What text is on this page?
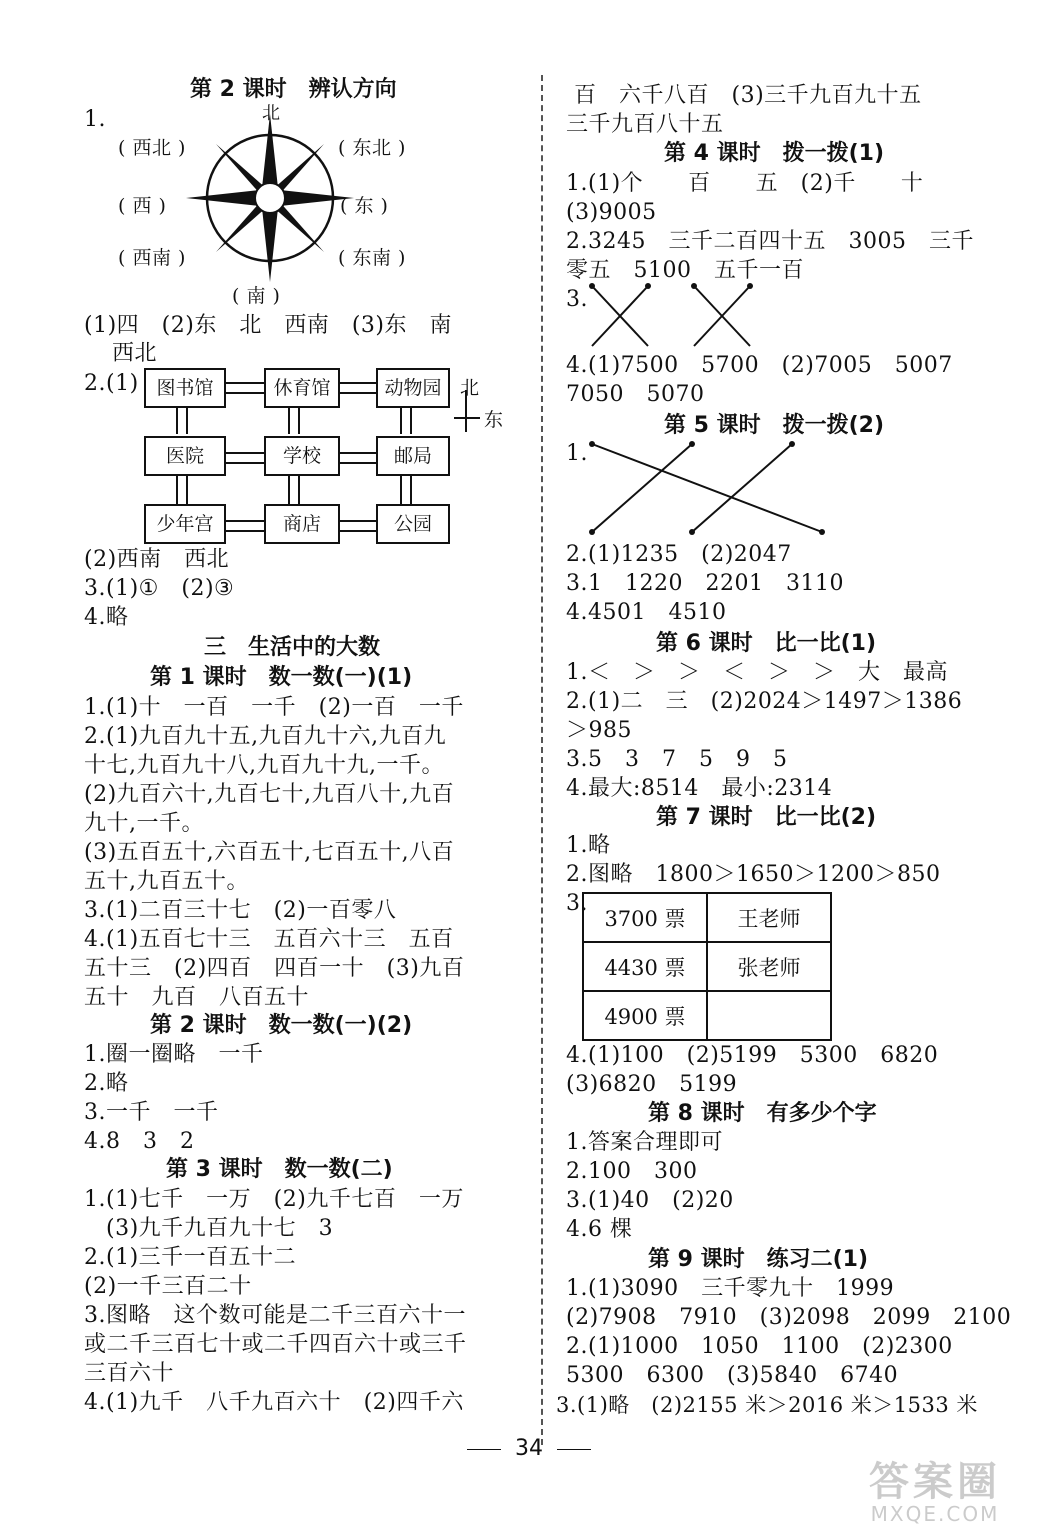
第 2 课时　辨认方向
1.	北
( 西北 )	( 东北 )
( 西 )	( 东 )
( 西南 )	( 东南 )
( 南 )
(1)四　(2)东　北　西南　(3)东　南
西北
2.(1) 图书馆	休育馆	动物园
医院	学校	邮局
少年宫	商店	公园
北
东
(2)西南　西北
3.(1)①　(2)③
4.略
三　生活中的大数
第 1 课时　数一数(一)(1)
1.(1)十　一百　一千　(2)一百　一千
2.(1)九百九十五,九百九十六,九百九
十七,九百九十八,九百九十九,一千。
(2)九百六十,九百七十,九百八十,九百
九十,一千。
(3)五百五十,六百五十,七百五十,八百
五十,九百五十。
3.(1)二百三十七　(2)一百零八
4.(1)五百七十三　五百六十三　五百
五十三　(2)四百　四百一十　(3)九百
五十　九百　八百五十
第 2 课时　数一数(一)(2)
1.圈一圈略　一千
2.略
3.一千　一千
4.8　3　2
第 3 课时　数一数(二)
1.(1)七千　一万　(2)九千七百　一万
(3)九千九百九十七　3
2.(1)三千一百五十二
(2)一千三百二十
3.图略　这个数可能是二千三百六十一
或二千三百七十或二千四百六十或三千
三百六十
4.(1)九千　八千九百六十　(2)四千六
百　六千八百　(3)三千九百九十五
三千九百八十五
第 4 课时　拨一拨(1)
1.(1)个　　百　　五　(2)千　　十
(3)9005
2.3245　三千二百四十五　3005　三千
零五　5100　五千一百
3.
4.(1)7500　5700　(2)7005　5007
7050　5070
第 5 课时　拨一拨(2)
1.
2.(1)1235　(2)2047
3.1　1220　2201　3110
4.4501　4510
第 6 课时　比一比(1)
1.＜　＞　＞　＜　＞　＞　大　最高
2.(1)二　三　(2)2024＞1497＞1386
＞985
3.5　3　7　5　9　5
4.最大:8514　最小:2314
第 7 课时　比一比(2)
1.略
2.图略　1800＞1650＞1200＞850
3.
3700 票	王老师
4430 票	张老师
4900 票	
4.(1)100　(2)5199　5300　6820
(3)6820　5199
第 8 课时　有多少个字
1.答案合理即可
2.100　300
3.(1)40　(2)20
4.6 棵
第 9 课时　练习二(1)
1.(1)3090　三千零九十　1999
(2)7908　7910　(3)2098　2099　2100
2.(1)1000　1050　1100　(2)2300
5300　6300　(3)5840　6740
3.(1)略　(2)2155 米＞2016 米＞1533 米
34
答案圈
MXQE.COM
